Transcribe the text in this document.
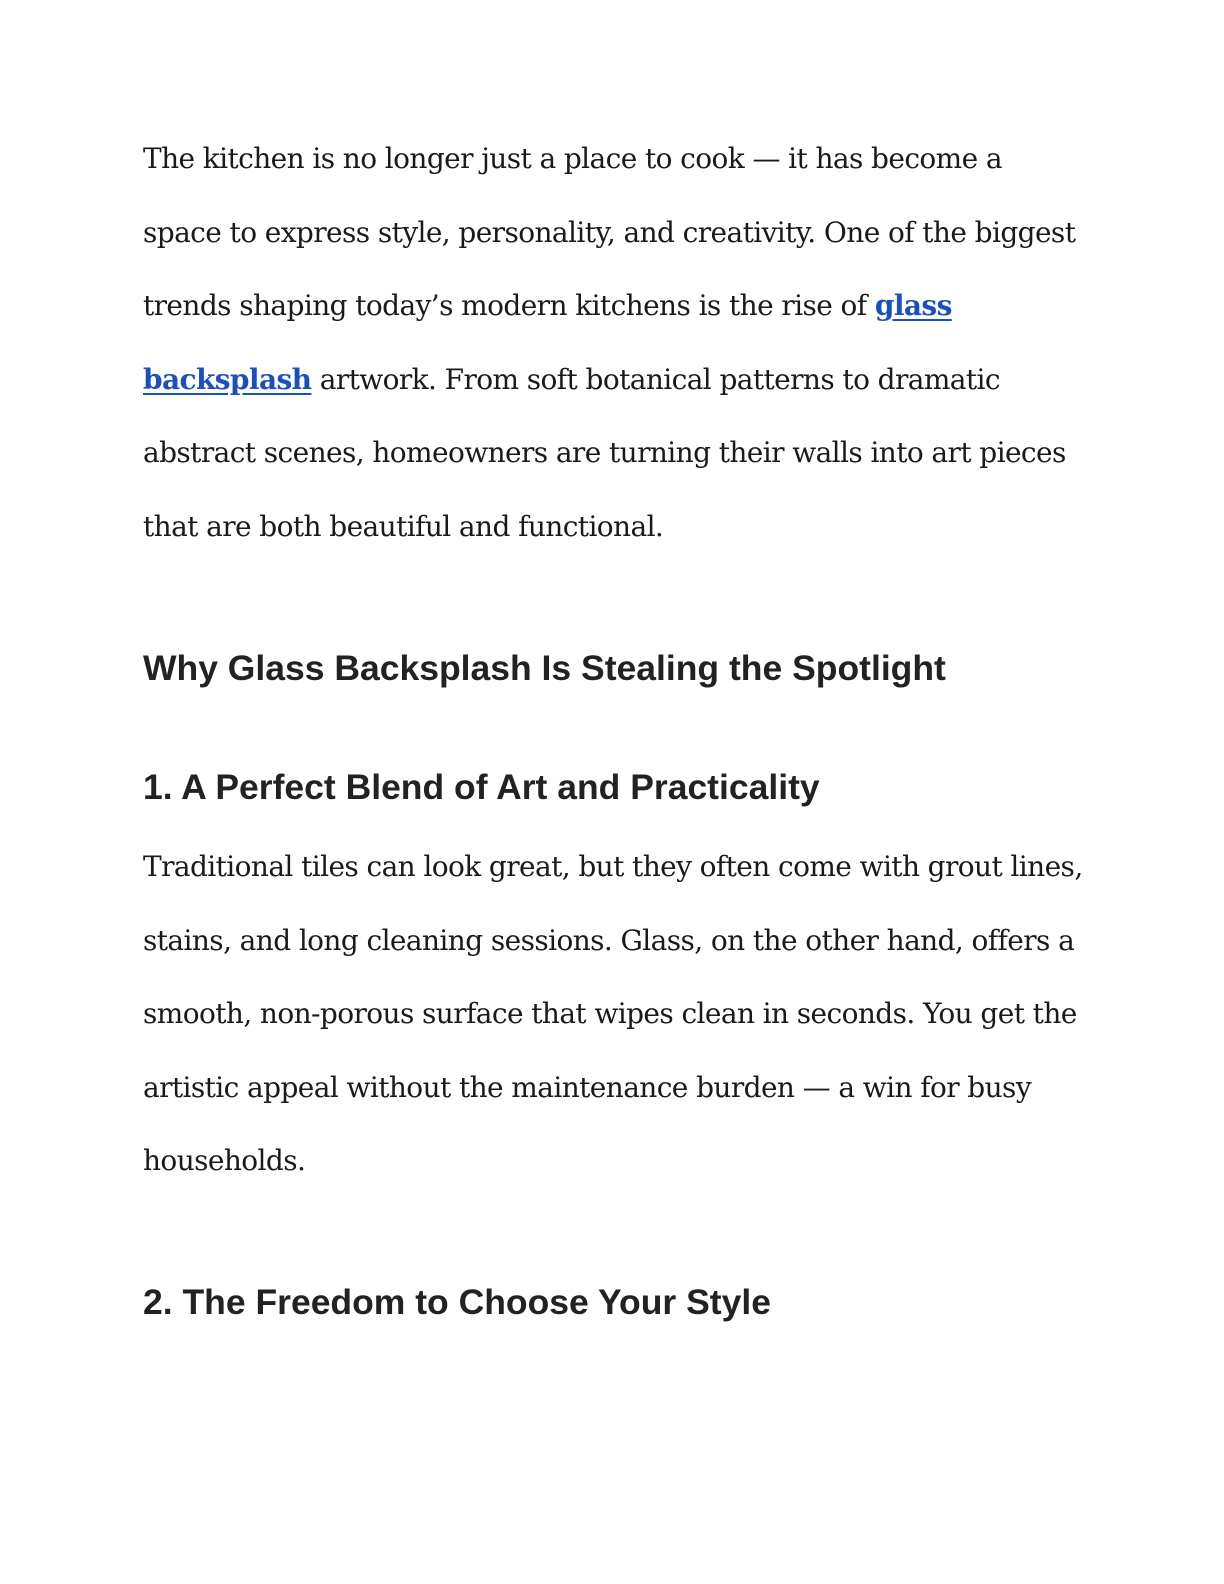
The kitchen is no longer just a place to cook — it has become a space to express style, personality, and creativity. One of the biggest trends shaping today’s modern kitchens is the rise of glass backsplash artwork. From soft botanical patterns to dramatic abstract scenes, homeowners are turning their walls into art pieces that are both beautiful and functional.

Why Glass Backsplash Is Stealing the Spotlight
1. A Perfect Blend of Art and Practicality

Traditional tiles can look great, but they often come with grout lines, stains, and long cleaning sessions. Glass, on the other hand, offers a smooth, non-porous surface that wipes clean in seconds. You get the artistic appeal without the maintenance burden — a win for busy households.

2. The Freedom to Choose Your Style
